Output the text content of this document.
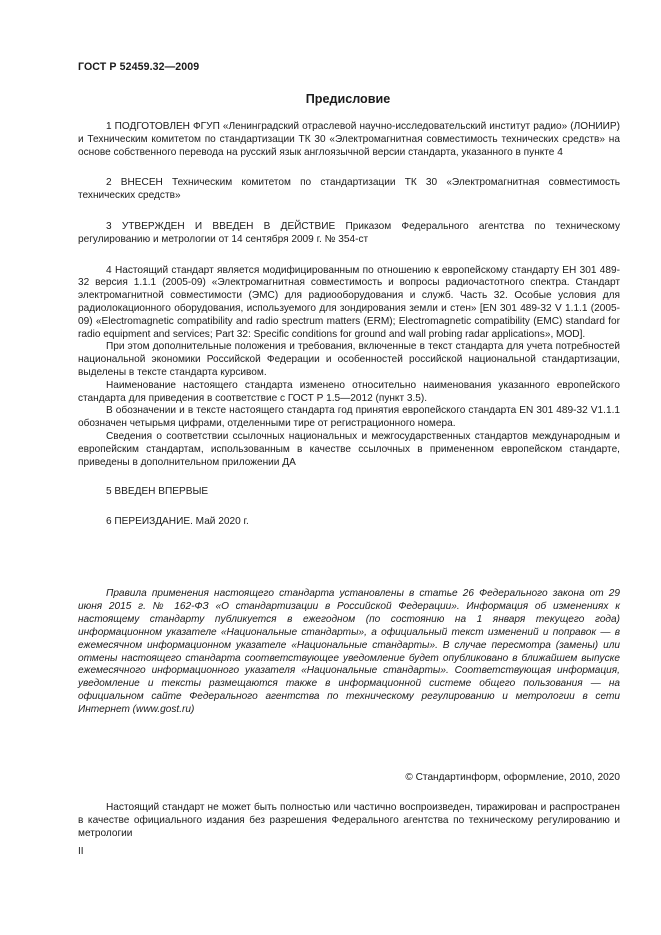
ГОСТ Р 52459.32—2009
Предисловие

1 ПОДГОТОВЛЕН ФГУП «Ленинградский отраслевой научно-исследовательский институт радио» (ЛОНИИР) и Техническим комитетом по стандартизации ТК 30 «Электромагнитная совместимость технических средств» на основе собственного перевода на русский язык англоязычной версии стандарта, указанного в пункте 4

2 ВНЕСЕН Техническим комитетом по стандартизации ТК 30 «Электромагнитная совместимость технических средств»

3 УТВЕРЖДЕН И ВВЕДЕН В ДЕЙСТВИЕ Приказом Федерального агентства по техническому регулированию и метрологии от 14 сентября 2009 г. № 354-ст

4 Настоящий стандарт является модифицированным по отношению к европейскому стандарту ЕН 301 489-32 версия 1.1.1 (2005-09) «Электромагнитная совместимость и вопросы радиочастотного спектра. Стандарт электромагнитной совместимости (ЭМС) для радиооборудования и служб. Часть 32. Особые условия для радиолокационного оборудования, используемого для зондирования земли и стен» [EN 301 489-32 V 1.1.1 (2005-09) «Electromagnetic compatibility and radio spectrum matters (ERM); Electromagnetic compatibility (EMC) standard for radio equipment and services; Part 32: Specific conditions for ground and wall probing radar applications», MOD].

При этом дополнительные положения и требования, включенные в текст стандарта для учета потребностей национальной экономики Российской Федерации и особенностей российской национальной стандартизации, выделены в тексте стандарта курсивом.

Наименование настоящего стандарта изменено относительно наименования указанного европейского стандарта для приведения в соответствие с ГОСТ Р 1.5—2012 (пункт 3.5).

В обозначении и в тексте настоящего стандарта год принятия европейского стандарта EN 301 489-32 V1.1.1 обозначен четырьмя цифрами, отделенными тире от регистрационного номера.

Сведения о соответствии ссылочных национальных и межгосударственных стандартов международным и европейским стандартам, использованным в качестве ссылочных в примененном европейском стандарте, приведены в дополнительном приложении ДА

5 ВВЕДЕН ВПЕРВЫЕ

6 ПЕРЕИЗДАНИЕ. Май 2020 г.

Правила применения настоящего стандарта установлены в статье 26 Федерального закона от 29 июня 2015 г. № 162-ФЗ «О стандартизации в Российской Федерации». Информация об изменениях к настоящему стандарту публикуется в ежегодном (по состоянию на 1 января текущего года) информационном указателе «Национальные стандарты», а официальный текст изменений и поправок — в ежемесячном информационном указателе «Национальные стандарты». В случае пересмотра (замены) или отмены настоящего стандарта соответствующее уведомление будет опубликовано в ближайшем выпуске ежемесячного информационного указателя «Национальные стандарты». Соответствующая информация, уведомление и тексты размещаются также в информационной системе общего пользования — на официальном сайте Федерального агентства по техническому регулированию и метрологии в сети Интернет (www.gost.ru)

© Стандартинформ, оформление, 2010, 2020

Настоящий стандарт не может быть полностью или частично воспроизведен, тиражирован и распространен в качестве официального издания без разрешения Федерального агентства по техническому регулированию и метрологии

II
